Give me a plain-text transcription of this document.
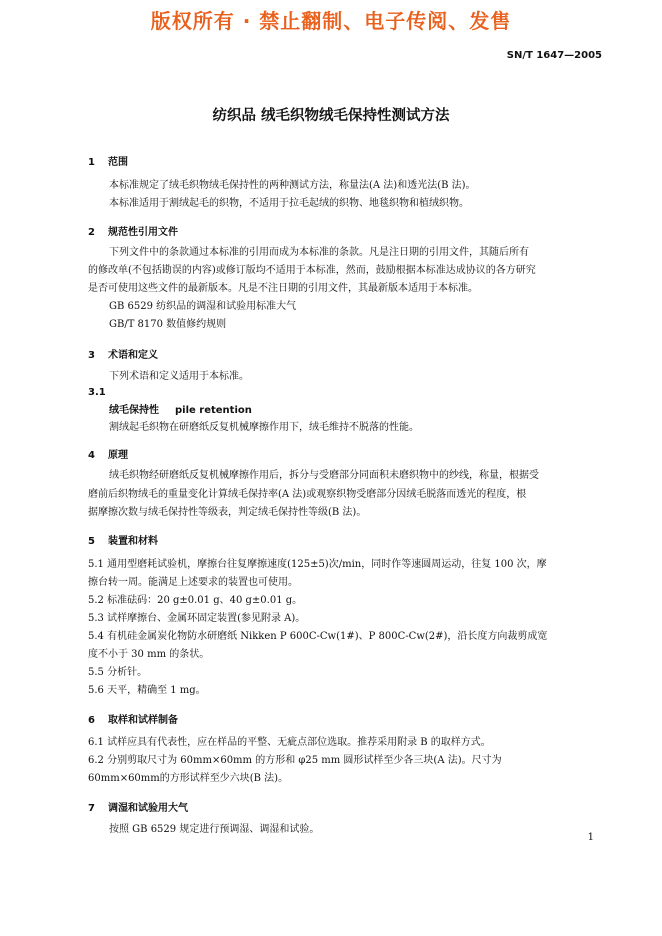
版权所有 · 禁止翻制、电子传阅、发售
SN/T 1647—2005
纺织品 绒毛织物绒毛保持性测试方法
1 范围
本标准规定了绒毛织物绒毛保持性的两种测试方法，称量法(A 法)和透光法(B 法)。
本标准适用于割绒起毛的织物，不适用于拉毛起绒的织物、地毯织物和植绒织物。
2 规范性引用文件
下列文件中的条款通过本标准的引用而成为本标准的条款。凡是注日期的引用文件，其随后所有
的修改单(不包括勘误的内容)或修订版均不适用于本标准，然而，鼓励根据本标准达成协议的各方研究
是否可使用这些文件的最新版本。凡是不注日期的引用文件，其最新版本适用于本标准。
GB 6529 纺织品的调湿和试验用标准大气
GB/T 8170 数值修约规则
3 术语和定义
下列术语和定义适用于本标准。
3.1
绒毛保持性 pile retention
割绒起毛织物在研磨纸反复机械摩擦作用下，绒毛维持不脱落的性能。
4 原理
绒毛织物经研磨纸反复机械摩擦作用后，拆分与受磨部分同面积未磨织物中的纱线，称量，根据受
磨前后织物绒毛的重量变化计算绒毛保持率(A 法)或观察织物受磨部分因绒毛脱落而透光的程度，根
据摩擦次数与绒毛保持性等级表，判定绒毛保持性等级(B 法)。
5 装置和材料
5.1 通用型磨耗试验机，摩擦台往复摩擦速度(125±5)次/min，同时作等速圆周运动，往复 100 次，摩
擦台转一周。能满足上述要求的装置也可使用。
5.2 标准砝码：20 g±0.01 g、40 g±0.01 g。
5.3 试样摩擦台、金属环固定装置(参见附录 A)。
5.4 有机硅金属炭化物防水研磨纸 Nikken P 600C-Cw(1#)、P 800C-Cw(2#)，沿长度方向裁剪成宽
度不小于 30 mm 的条状。
5.5 分析针。
5.6 天平，精确至 1 mg。
6 取样和试样制备
6.1 试样应具有代表性，应在样品的平整、无疵点部位选取。推荐采用附录 B 的取样方式。
6.2 分别剪取尺寸为 60mm×60mm 的方形和 φ25 mm 圆形试样至少各三块(A 法)。尺寸为
60mm×60mm的方形试样至少六块(B 法)。
7 调湿和试验用大气
按照 GB 6529 规定进行预调湿、调湿和试验。
1
